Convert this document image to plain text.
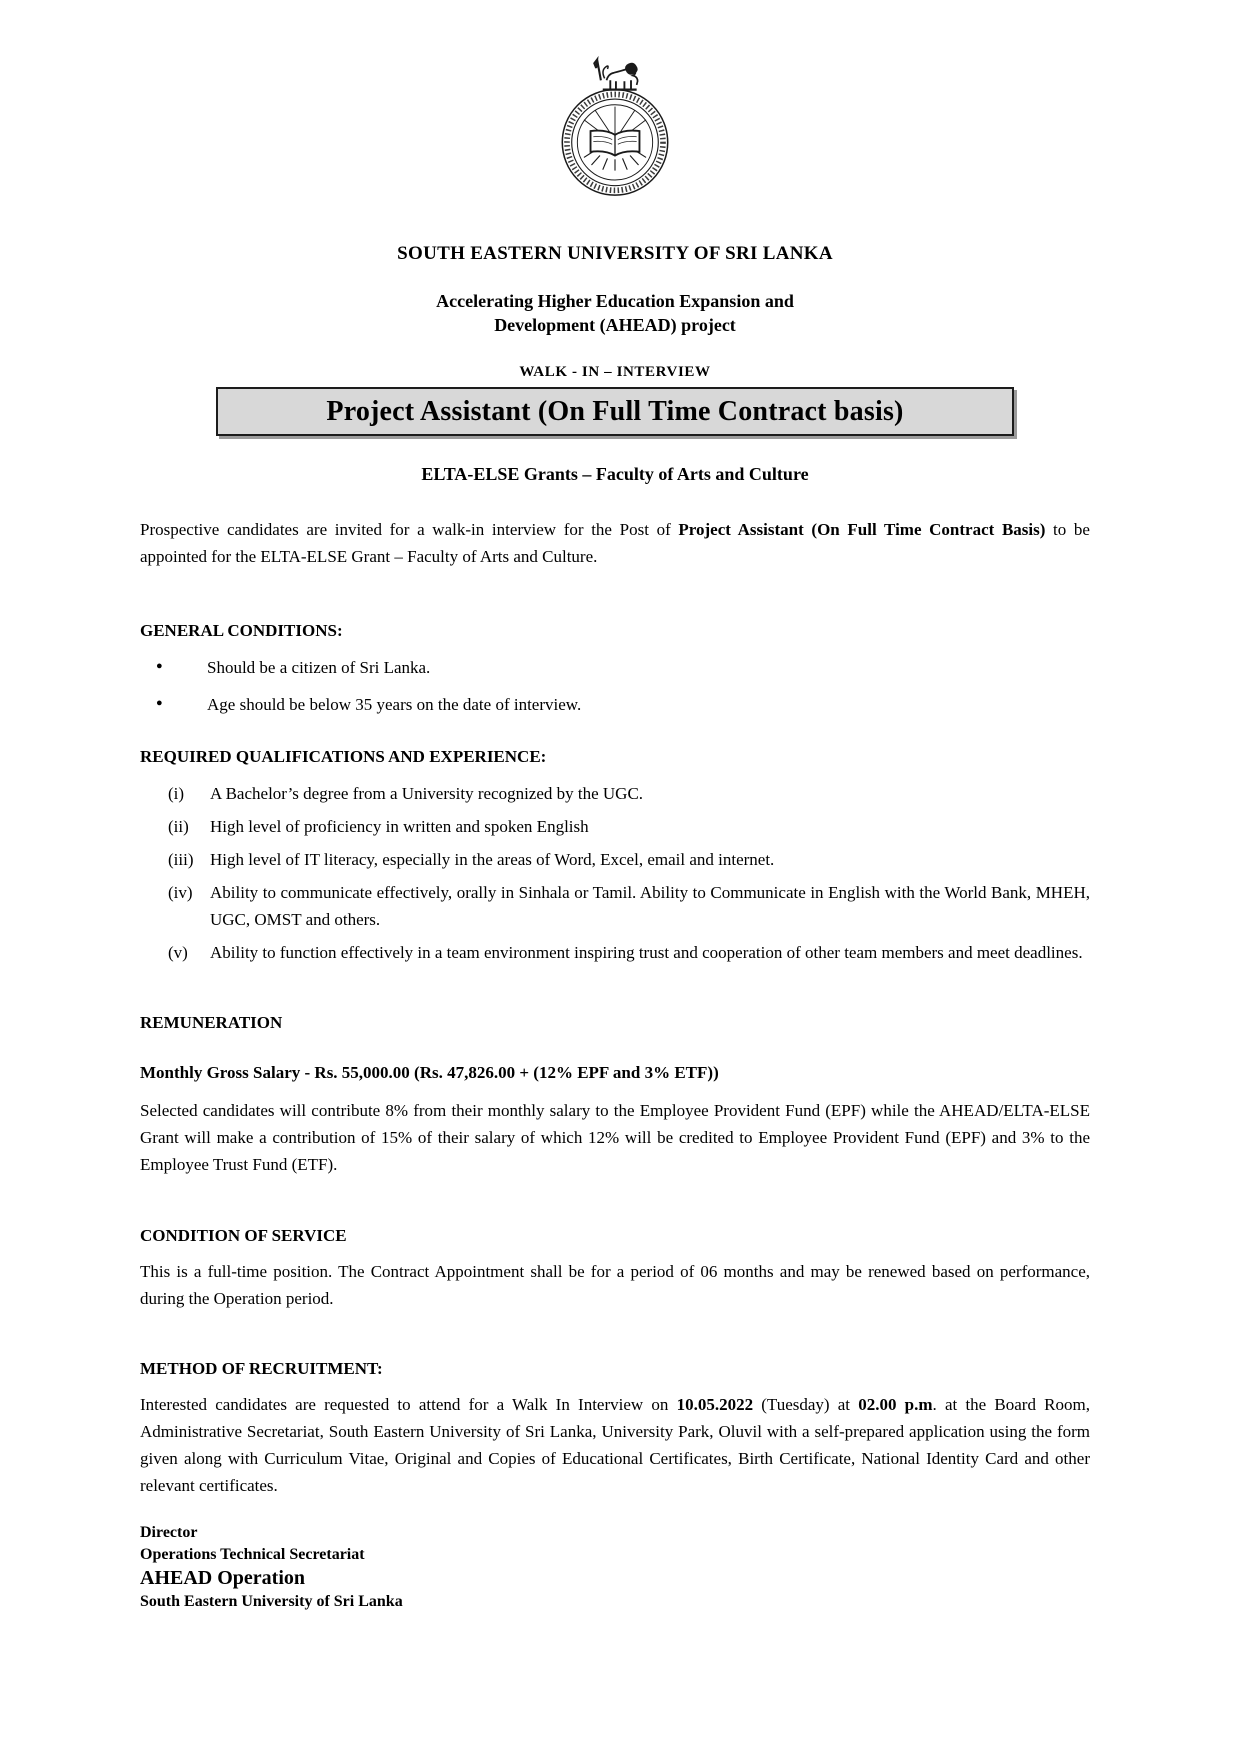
SOUTH EASTERN UNIVERSITY OF SRI LANKA
Accelerating Higher Education Expansion and
Development (AHEAD) project
WALK - IN – INTERVIEW
Project Assistant (On Full Time Contract basis)
ELTA-ELSE Grants – Faculty of Arts and Culture

Prospective candidates are invited for a walk-in interview for the Post of Project Assistant (On Full Time Contract Basis) to be appointed for the ELTA-ELSE Grant – Faculty of Arts and Culture.

GENERAL CONDITIONS:
●	Should be a citizen of Sri Lanka.
●	Age should be below 35 years on the date of interview.
REQUIRED QUALIFICATIONS AND EXPERIENCE:
(i)	A Bachelor’s degree from a University recognized by the UGC.
(ii)	High level of proficiency in written and spoken English
(iii) High level of IT literacy, especially in the areas of Word, Excel, email and internet.
(iv)	Ability to communicate effectively, orally in Sinhala or Tamil. Ability to Communicate in English with the World Bank, MHEH, UGC, OMST and others.
(v)	Ability to function effectively in a team environment inspiring trust and cooperation of other team members and meet deadlines.
REMUNERATION
Monthly Gross Salary - Rs. 55,000.00 (Rs. 47,826.00 + (12% EPF and 3% ETF))

Selected candidates will contribute 8% from their monthly salary to the Employee Provident Fund (EPF) while the AHEAD/ELTA-ELSE Grant will make a contribution of 15% of their salary of which 12% will be credited to Employee Provident Fund (EPF) and 3% to the Employee Trust Fund (ETF).

CONDITION OF SERVICE

This is a full-time position. The Contract Appointment shall be for a period of 06 months and may be renewed based on performance, during the Operation period.

METHOD OF RECRUITMENT:

Interested candidates are requested to attend for a Walk In Interview on 10.05.2022 (Tuesday) at 02.00 p.m. at the Board Room, Administrative Secretariat, South Eastern University of Sri Lanka, University Park, Oluvil with a self-prepared application using the form given along with Curriculum Vitae, Original and Copies of Educational Certificates, Birth Certificate, National Identity Card and other relevant certificates.

Director
Operations Technical Secretariat
AHEAD Operation
South Eastern University of Sri Lanka
